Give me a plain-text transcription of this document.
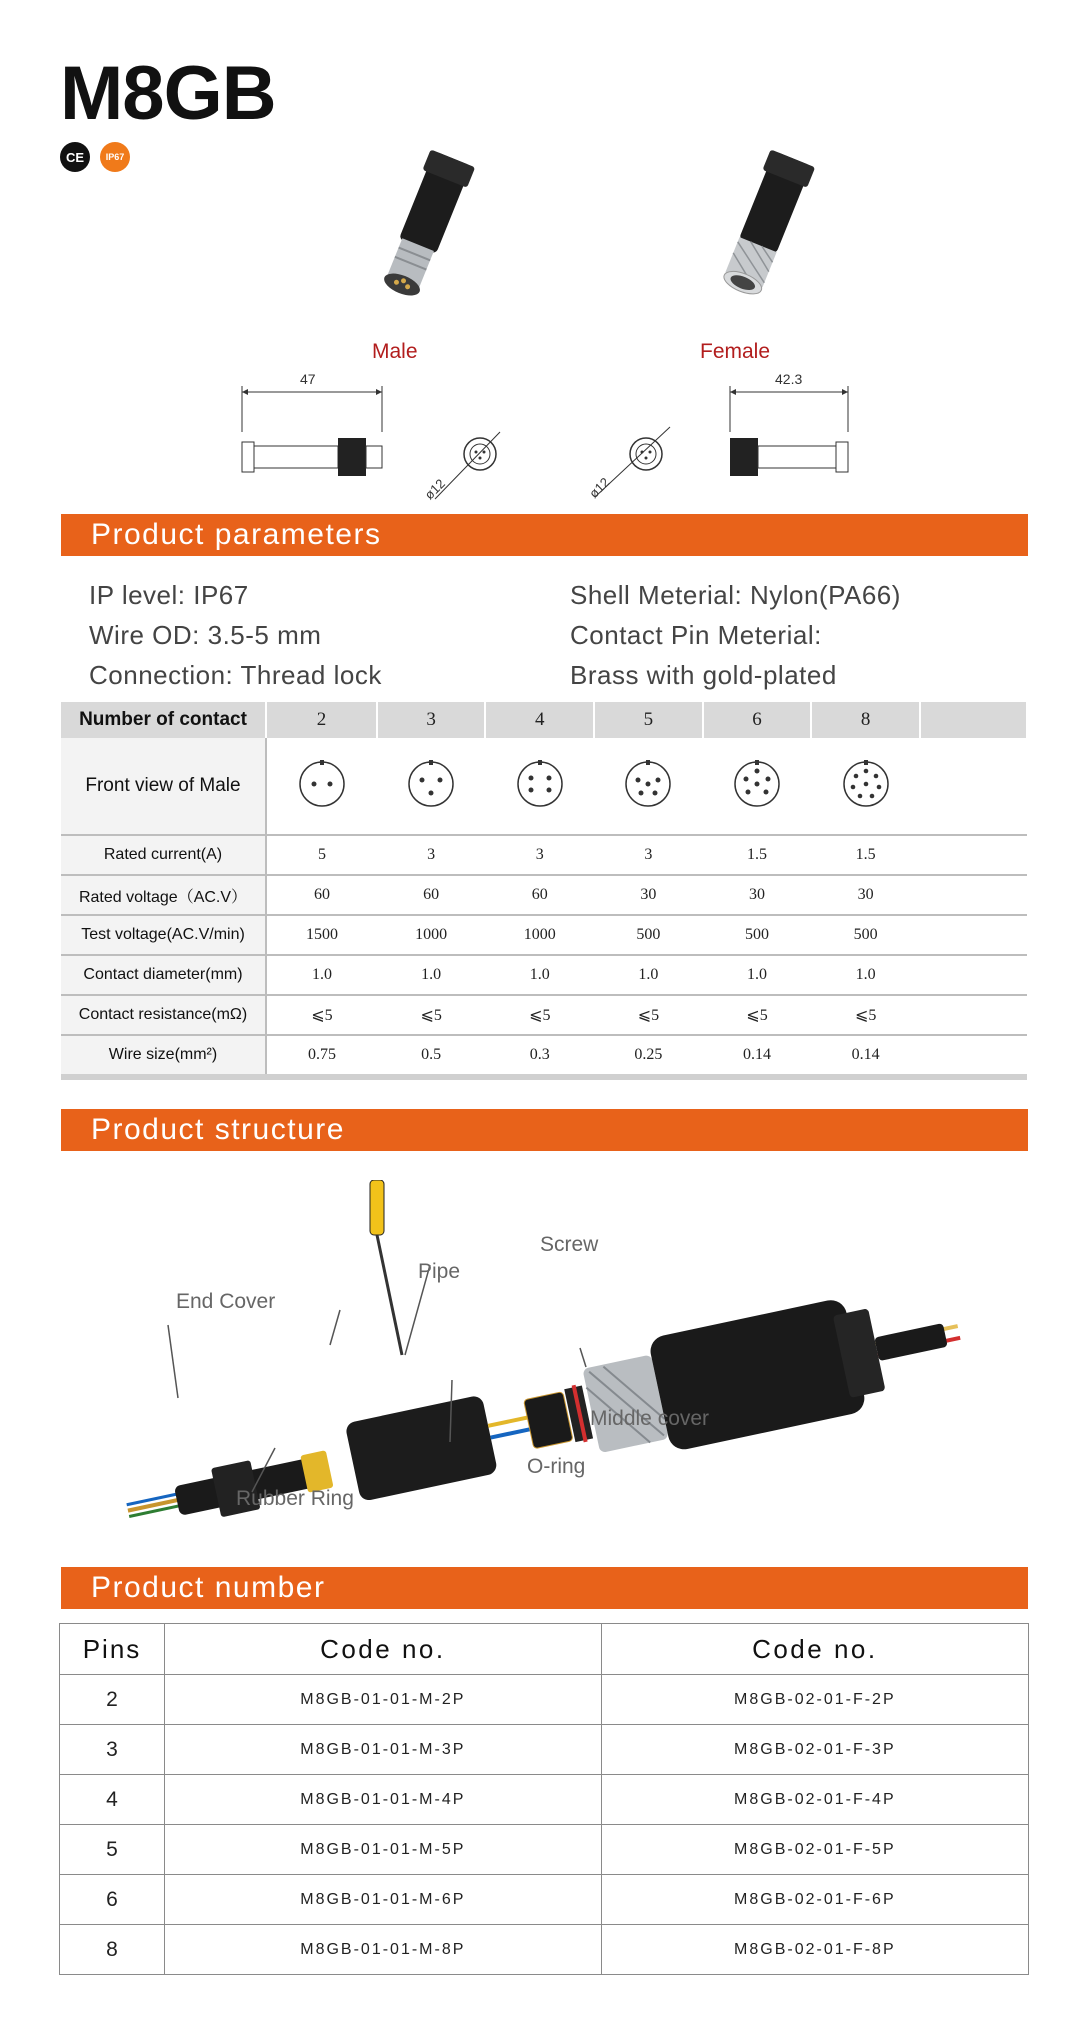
M8GB
CE	IP67
Male	Female
ø12
47
ø12
42.3
Product parameters
IP level: IP67
Wire OD: 3.5-5 mm
Connection: Thread lock
Shell Meterial: Nylon(PA66)
Contact Pin Meterial:
Brass with gold-plated
Number of contact	2	3	4	5	6	8	
Front view of Male							
Rated current(A)	5	3	3	3	1.5	1.5	
Rated voltage（AC.V）	60	60	60	30	30	30	
Test voltage(AC.V/min)	1500	1000	1000	500	500	500	
Contact diameter(mm)	1.0	1.0	1.0	1.0	1.0	1.0	
Contact resistance(mΩ)	⩽5	⩽5	⩽5	⩽5	⩽5	⩽5	
Wire size(mm²)	0.75	0.5	0.3	0.25	0.14	0.14	
Product structure
End Cover
Pipe
Screw
Middle cover
O-ring
Rubber Ring
Product number
Pins	Code no.	Code no.
2	M8GB-01-01-M-2P	M8GB-02-01-F-2P
3	M8GB-01-01-M-3P	M8GB-02-01-F-3P
4	M8GB-01-01-M-4P	M8GB-02-01-F-4P
5	M8GB-01-01-M-5P	M8GB-02-01-F-5P
6	M8GB-01-01-M-6P	M8GB-02-01-F-6P
8	M8GB-01-01-M-8P	M8GB-02-01-F-8P
